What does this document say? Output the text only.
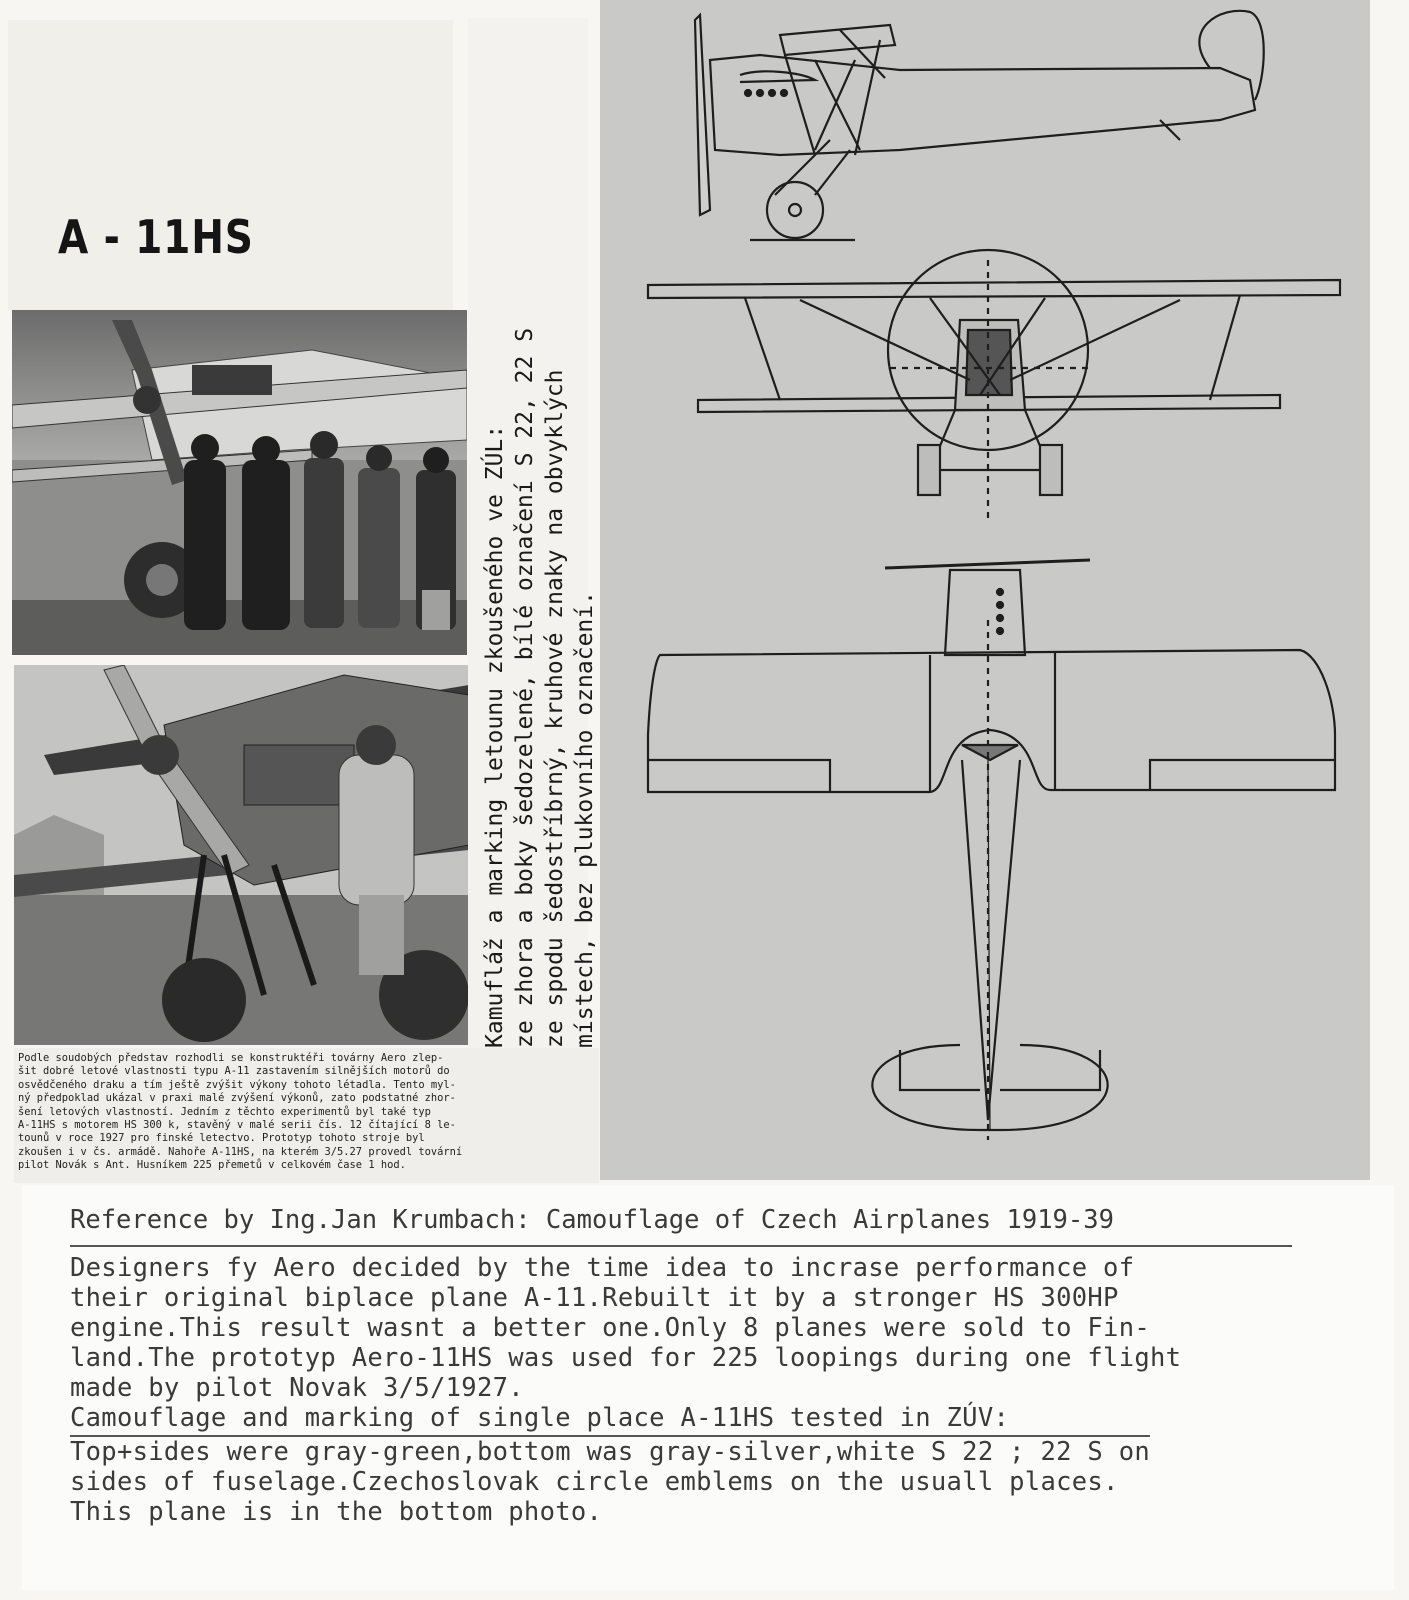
A - 11HS
Kamufláž a marking letounu zkoušeného ve ZÚL: ze zhora a boky šedozelené, bílé označení S 22, 22 S ze spodu šedostříbrný, kruhové znaky na obvyklých místech, bez plukovního označení.
Podle soudobých představ rozhodli se konstruktéři továrny Aero zlep-
šit dobré letové vlastnosti typu A-11 zastavením silnějších motorů do
osvědčeného draku a tím ještě zvýšit výkony tohoto létadla. Tento myl-
ný předpoklad ukázal v praxi malé zvýšení výkonů, zato podstatné zhor-
šení letových vlastností. Jedním z těchto experimentů byl také typ
A-11HS s motorem HS 300 k, stavěný v malé serii čís. 12 čítající 8 le-
tounů v roce 1927 pro finské letectvo. Prototyp tohoto stroje byl
zkoušen i v čs. armádě. Nahoře A-11HS, na kterém 3/5.27 provedl tovární
pilot Novák s Ant. Husníkem 225 přemetů v celkovém čase 1 hod.
Reference by Ing.Jan Krumbach: Camouflage of Czech Airplanes 1919-39
Designers fy Aero decided by the time idea to incrase performance of
their original biplace plane A-11.Rebuilt it by a stronger HS 300HP
engine.This result wasnt a better one.Only 8 planes were sold to Fin-
land.The prototyp Aero-11HS was used for 225 loopings during one flight
made by pilot Novak 3/5/1927.
Camouflage and marking of single place A-11HS tested in ZÚV:
Top+sides were gray-green,bottom was gray-silver,white S 22 ; 22 S on
sides of fuselage.Czechoslovak circle emblems on the usuall places.
This plane is in the bottom photo.
